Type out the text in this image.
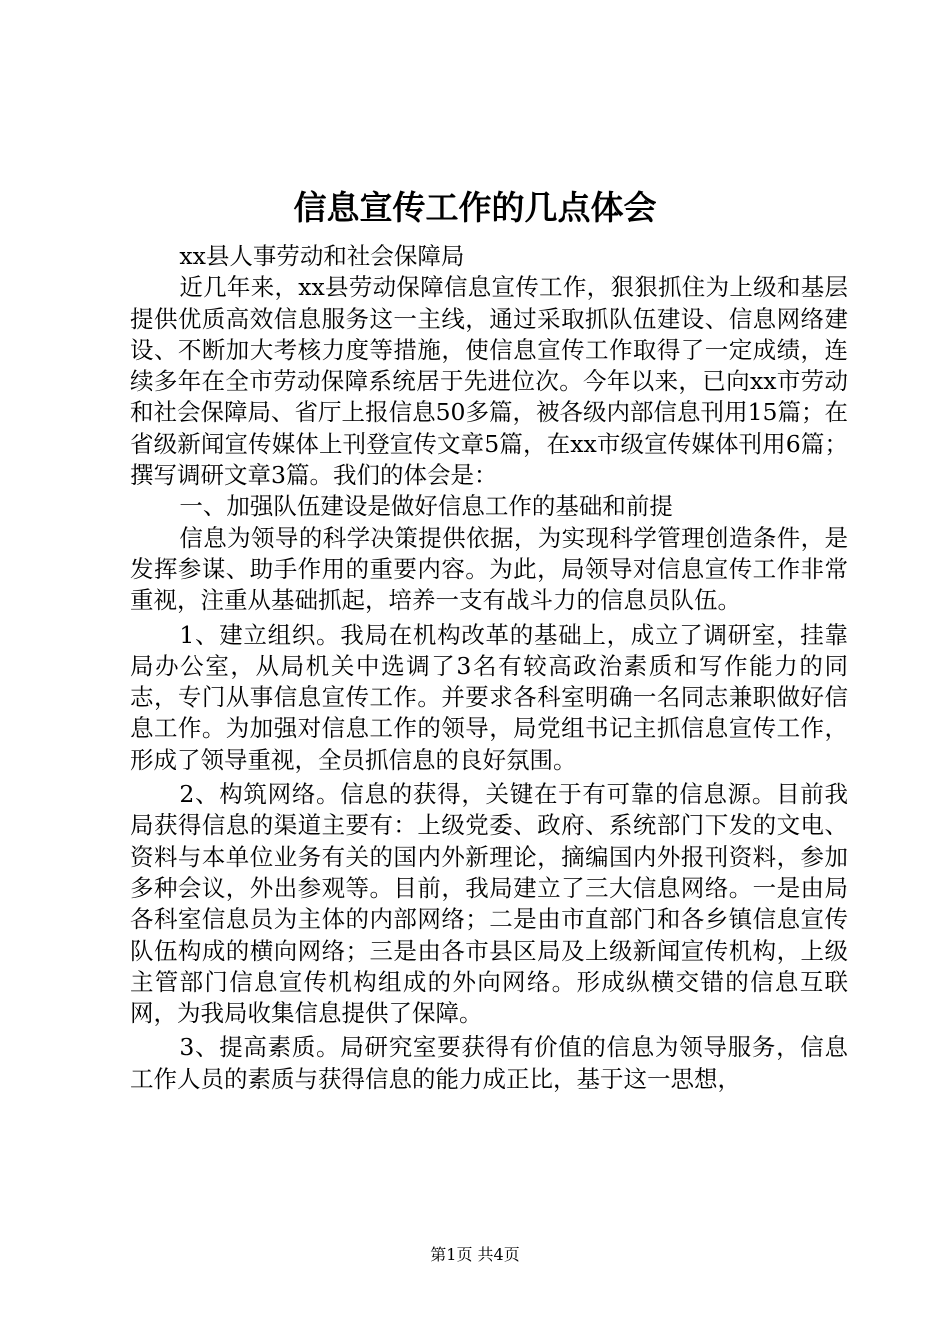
信息宣传工作的几点体会

xx县人事劳动和社会保障局

近几年来，xx县劳动保障信息宣传工作，狠狠抓住为上级和基层提供优质高效信息服务这一主线，通过采取抓队伍建设、信息网络建设、不断加大考核力度等措施，使信息宣传工作取得了一定成绩，连续多年在全市劳动保障系统居于先进位次。今年以来，已向xx市劳动和社会保障局、省厅上报信息50多篇，被各级内部信息刊用15篇；在省级新闻宣传媒体上刊登宣传文章5篇，在xx市级宣传媒体刊用6篇；撰写调研文章3篇。我们的体会是：

一、加强队伍建设是做好信息工作的基础和前提

信息为领导的科学决策提供依据，为实现科学管理创造条件，是发挥参谋、助手作用的重要内容。为此，局领导对信息宣传工作非常重视，注重从基础抓起，培养一支有战斗力的信息员队伍。

1、建立组织。我局在机构改革的基础上，成立了调研室，挂靠局办公室，从局机关中选调了3名有较高政治素质和写作能力的同志，专门从事信息宣传工作。并要求各科室明确一名同志兼职做好信息工作。为加强对信息工作的领导，局党组书记主抓信息宣传工作，形成了领导重视，全员抓信息的良好氛围。

2、构筑网络。信息的获得，关键在于有可靠的信息源。目前我局获得信息的渠道主要有：上级党委、政府、系统部门下发的文电、资料与本单位业务有关的国内外新理论，摘编国内外报刊资料，参加多种会议，外出参观等。目前，我局建立了三大信息网络。一是由局各科室信息员为主体的内部网络；二是由市直部门和各乡镇信息宣传队伍构成的横向网络；三是由各市县区局及上级新闻宣传机构，上级主管部门信息宣传机构组成的外向网络。形成纵横交错的信息互联网，为我局收集信息提供了保障。

3、提高素质。局研究室要获得有价值的信息为领导服务，信息工作人员的素质与获得信息的能力成正比，基于这一思想，

第1页 共4页
